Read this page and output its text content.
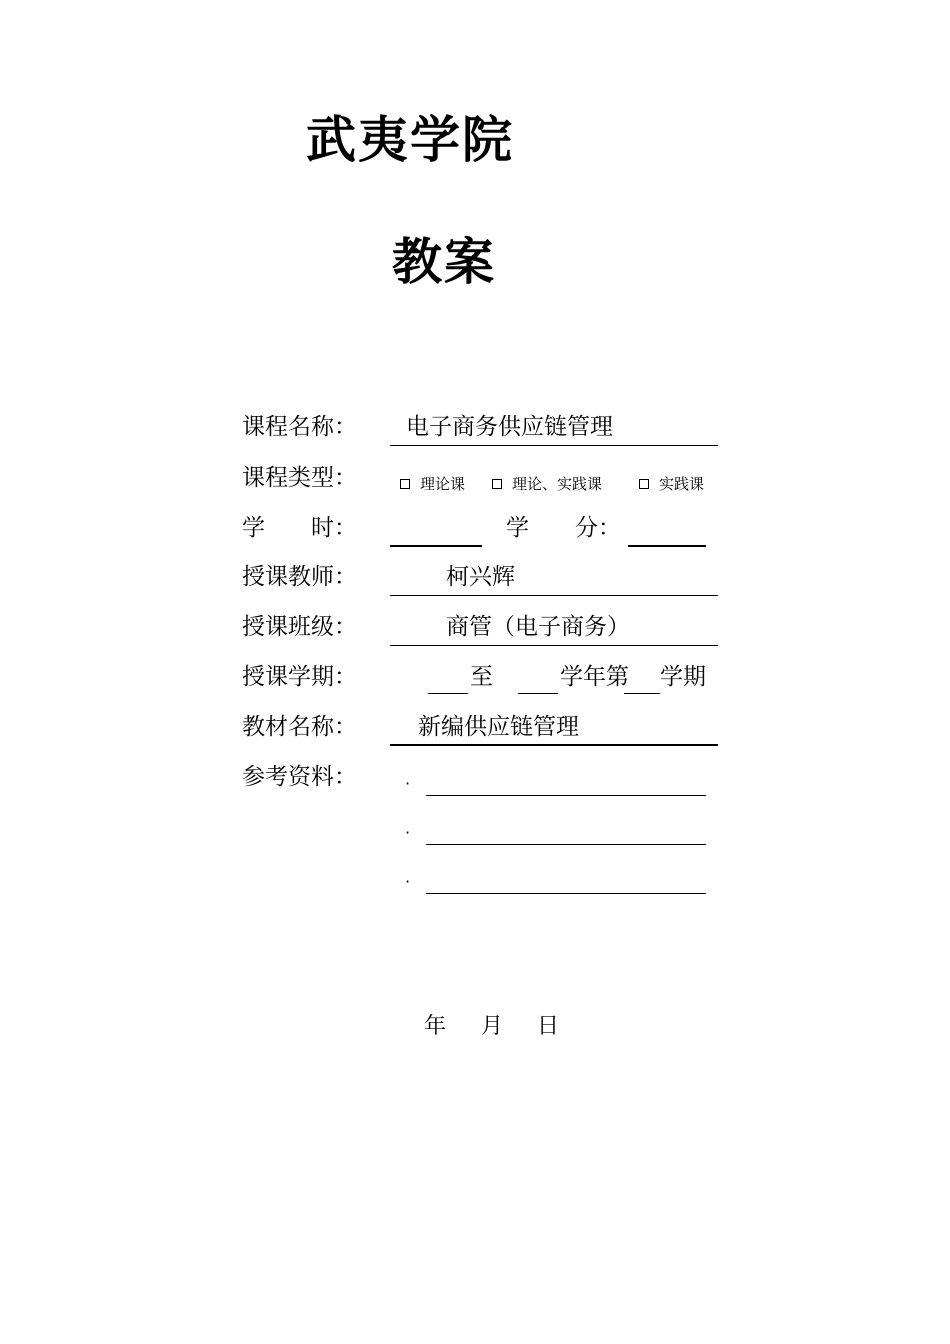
武夷学院
教案
课程名称： 电子商务供应链管理
课程类型：	理论课	理论、实践课	实践课
学　　时：	学　　分：
授课教师：	柯兴辉
授课班级：	商管（电子商务）
授课学期：	至	学年第 学期
教材名称：	新编供应链管理
参考资料：	·
·
·
年 月 日
